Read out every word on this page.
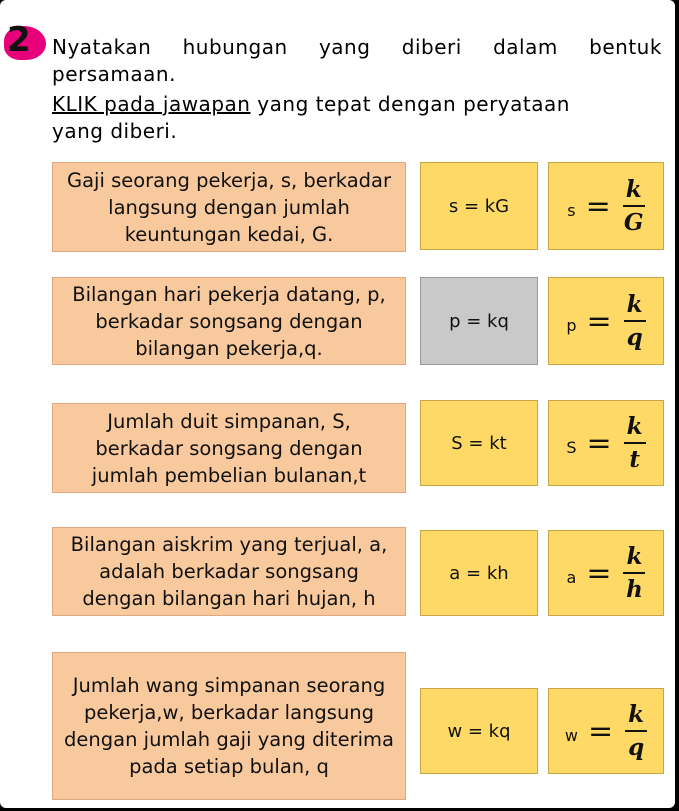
2 Nyatakan hubungan yang diberi dalam bentuk
persamaan.
KLIK pada jawapan yang tepat dengan peryataan
yang diberi.
Gaji seorang pekerja, s, berkadar langsung dengan jumlah keuntungan kedai, G.
s = kG	s = k
G
Bilangan hari pekerja datang, p, berkadar songsang dengan bilangan pekerja,q.
p = kq	p = k
q
Jumlah duit simpanan, S, berkadar songsang dengan jumlah pembelian bulanan,t
S = kt	S = k
t
Bilangan aiskrim yang terjual, a, adalah berkadar songsang dengan bilangan hari hujan, h
a = kh	a = k
h
Jumlah wang simpanan seorang pekerja,w, berkadar langsung dengan jumlah gaji yang diterima pada setiap bulan, q
w = kq	w = k
q
